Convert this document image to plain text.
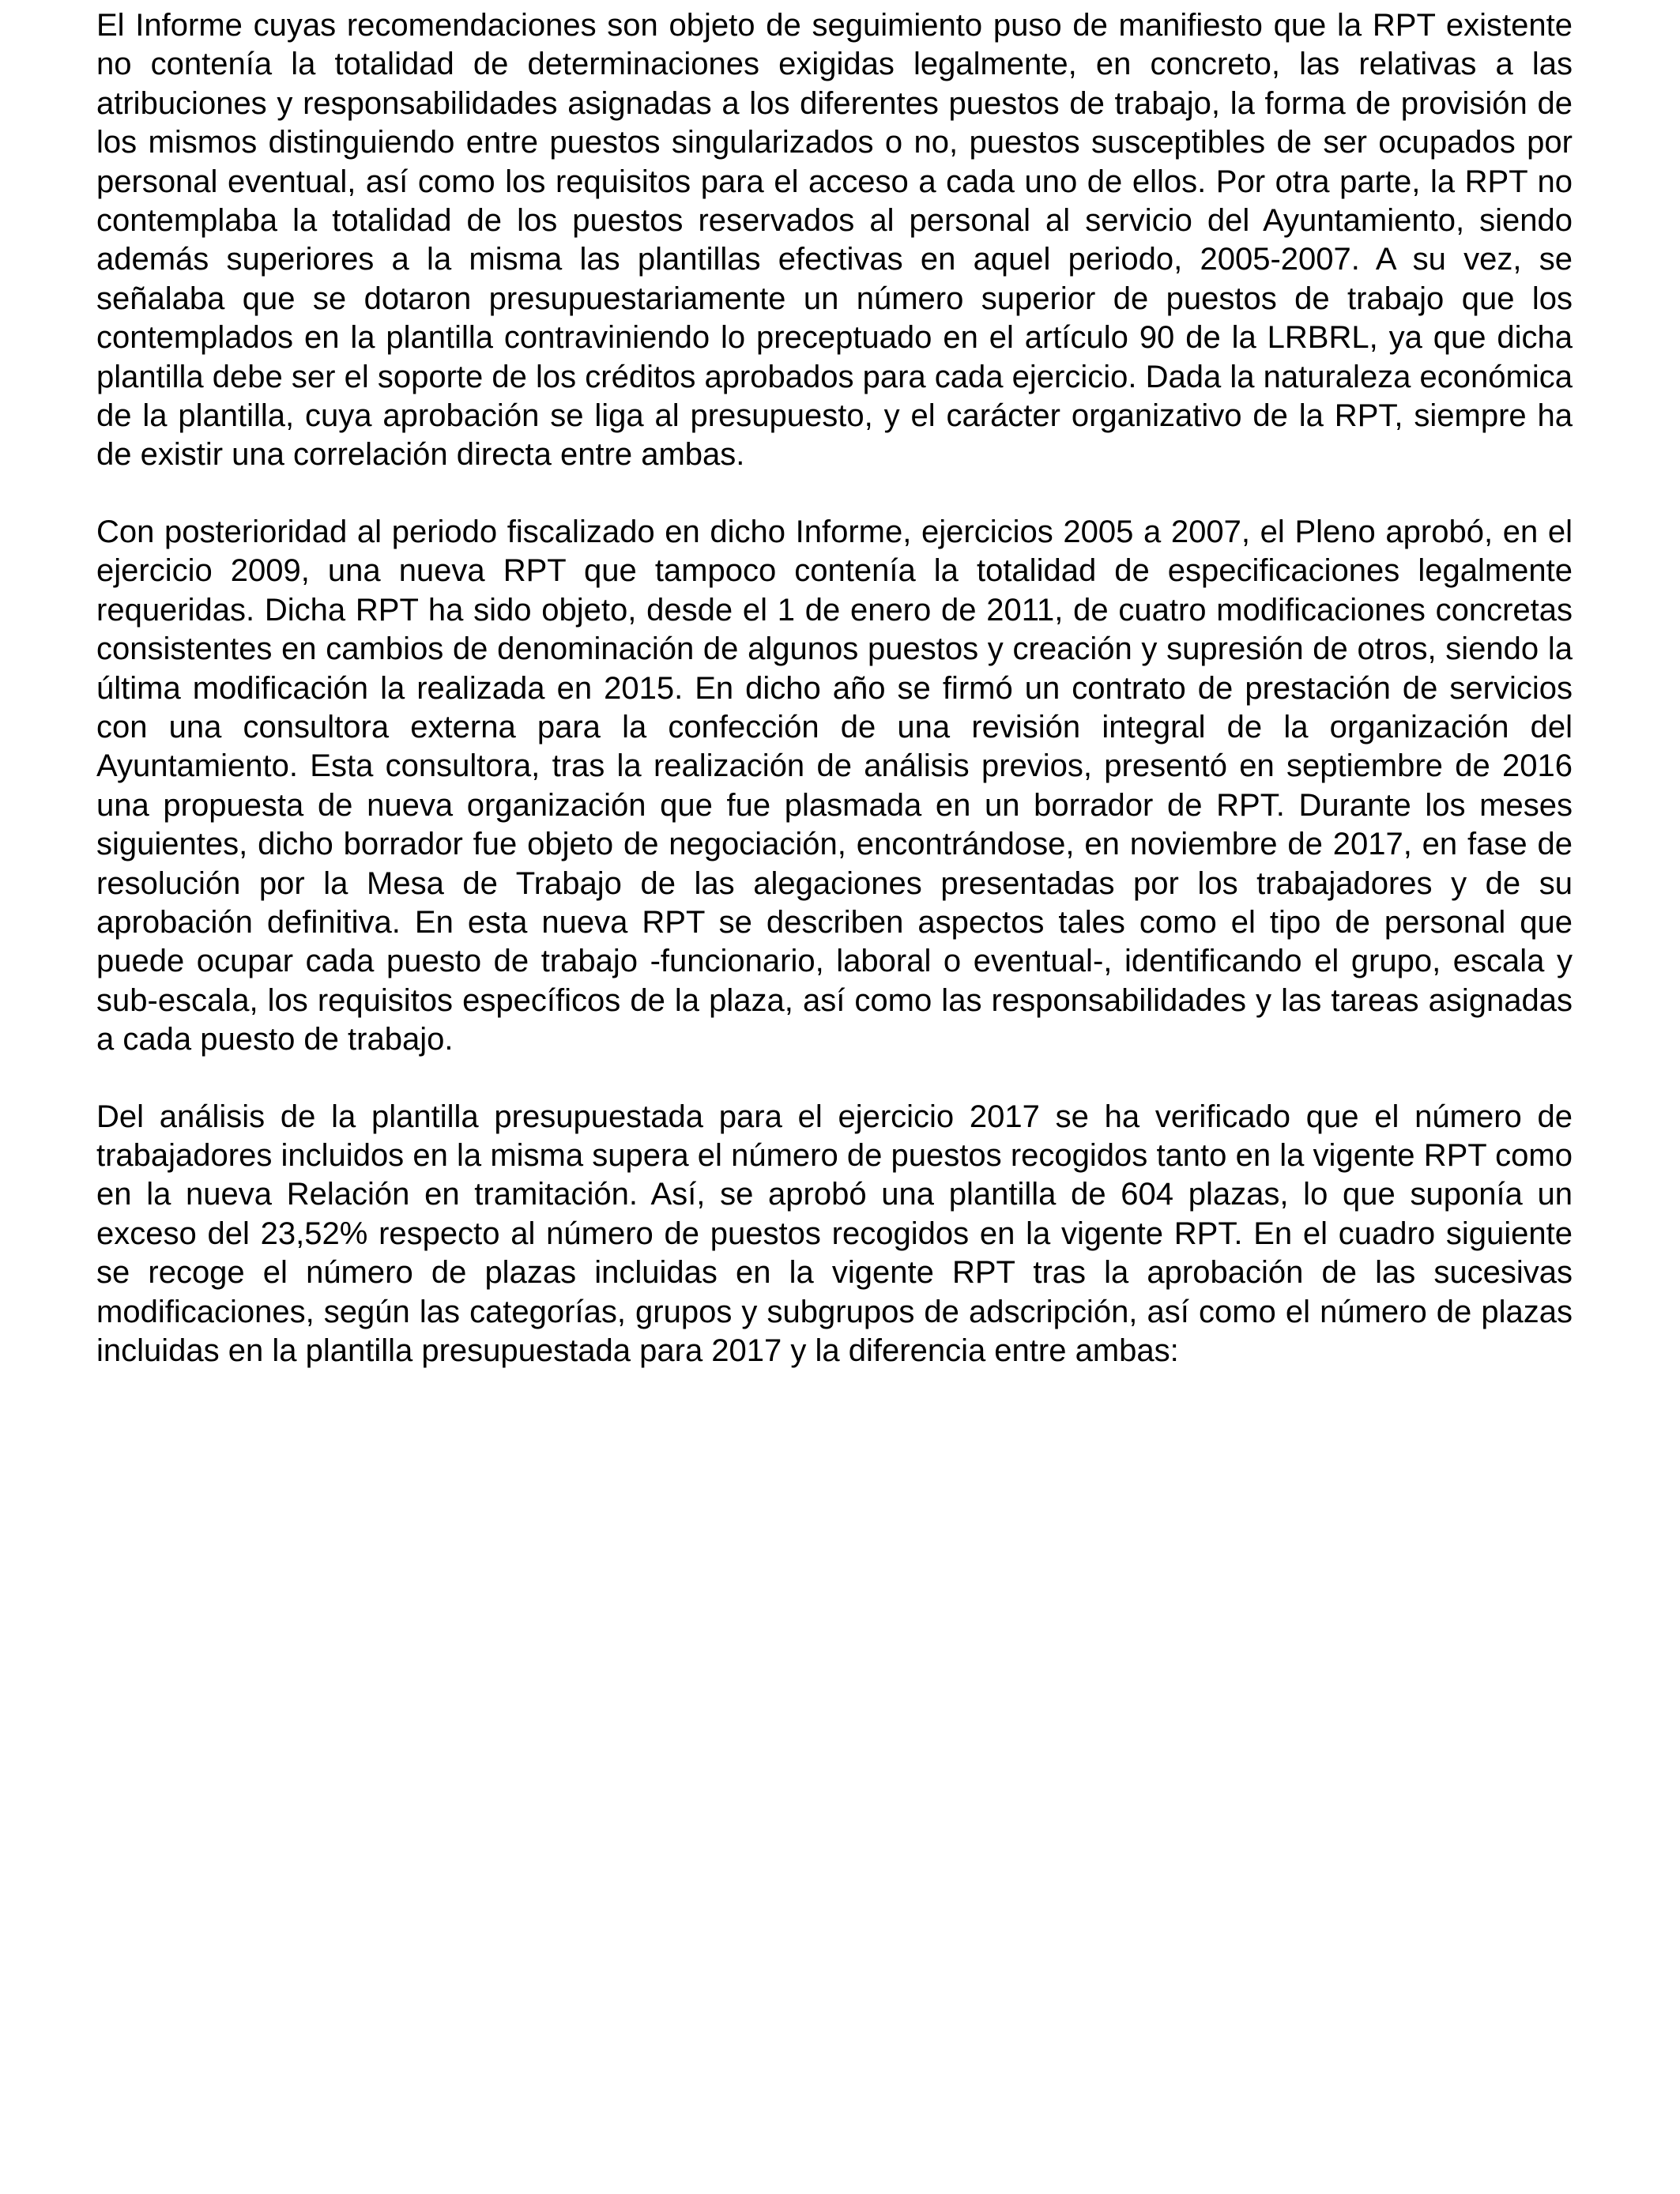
El Informe cuyas recomendaciones son objeto de seguimiento puso de manifiesto que la RPT existente no contenía la totalidad de determinaciones exigidas legalmente, en concreto, las relativas a las atribuciones y responsabilidades asignadas a los diferentes puestos de trabajo, la forma de provisión de los mismos distinguiendo entre puestos singularizados o no, puestos susceptibles de ser ocupados por personal eventual, así como los requisitos para el acceso a cada uno de ellos. Por otra parte, la RPT no contemplaba la totalidad de los puestos reservados al personal al servicio del Ayuntamiento, siendo además superiores a la misma las plantillas efectivas en aquel periodo, 2005-2007. A su vez, se señalaba que se dotaron presupuestariamente un número superior de puestos de trabajo que los contemplados en la plantilla contraviniendo lo preceptuado en el artículo 90 de la LRBRL, ya que dicha plantilla debe ser el soporte de los créditos aprobados para cada ejercicio. Dada la naturaleza económica de la plantilla, cuya aprobación se liga al presupuesto, y el carácter organizativo de la RPT, siempre ha de existir una correlación directa entre ambas.

Con posterioridad al periodo fiscalizado en dicho Informe, ejercicios 2005 a 2007, el Pleno aprobó, en el ejercicio 2009, una nueva RPT que tampoco contenía la totalidad de especificaciones legalmente requeridas. Dicha RPT ha sido objeto, desde el 1 de enero de 2011, de cuatro modificaciones concretas consistentes en cambios de denominación de algunos puestos y creación y supresión de otros, siendo la última modificación la realizada en 2015. En dicho año se firmó un contrato de prestación de servicios con una consultora externa para la confección de una revisión integral de la organización del Ayuntamiento. Esta consultora, tras la realización de análisis previos, presentó en septiembre de 2016 una propuesta de nueva organización que fue plasmada en un borrador de RPT. Durante los meses siguientes, dicho borrador fue objeto de negociación, encontrándose, en noviembre de 2017, en fase de resolución por la Mesa de Trabajo de las alegaciones presentadas por los trabajadores y de su aprobación definitiva. En esta nueva RPT se describen aspectos tales como el tipo de personal que puede ocupar cada puesto de trabajo -funcionario, laboral o eventual-, identificando el grupo, escala y sub-escala, los requisitos específicos de la plaza, así como las responsabilidades y las tareas asignadas a cada puesto de trabajo.

Del análisis de la plantilla presupuestada para el ejercicio 2017 se ha verificado que el número de trabajadores incluidos en la misma supera el número de puestos recogidos tanto en la vigente RPT como en la nueva Relación en tramitación. Así, se aprobó una plantilla de 604 plazas, lo que suponía un exceso del 23,52% respecto al número de puestos recogidos en la vigente RPT. En el cuadro siguiente se recoge el número de plazas incluidas en la vigente RPT tras la aprobación de las sucesivas modificaciones, según las categorías, grupos y subgrupos de adscripción, así como el número de plazas incluidas en la plantilla presupuestada para 2017 y la diferencia entre ambas:
